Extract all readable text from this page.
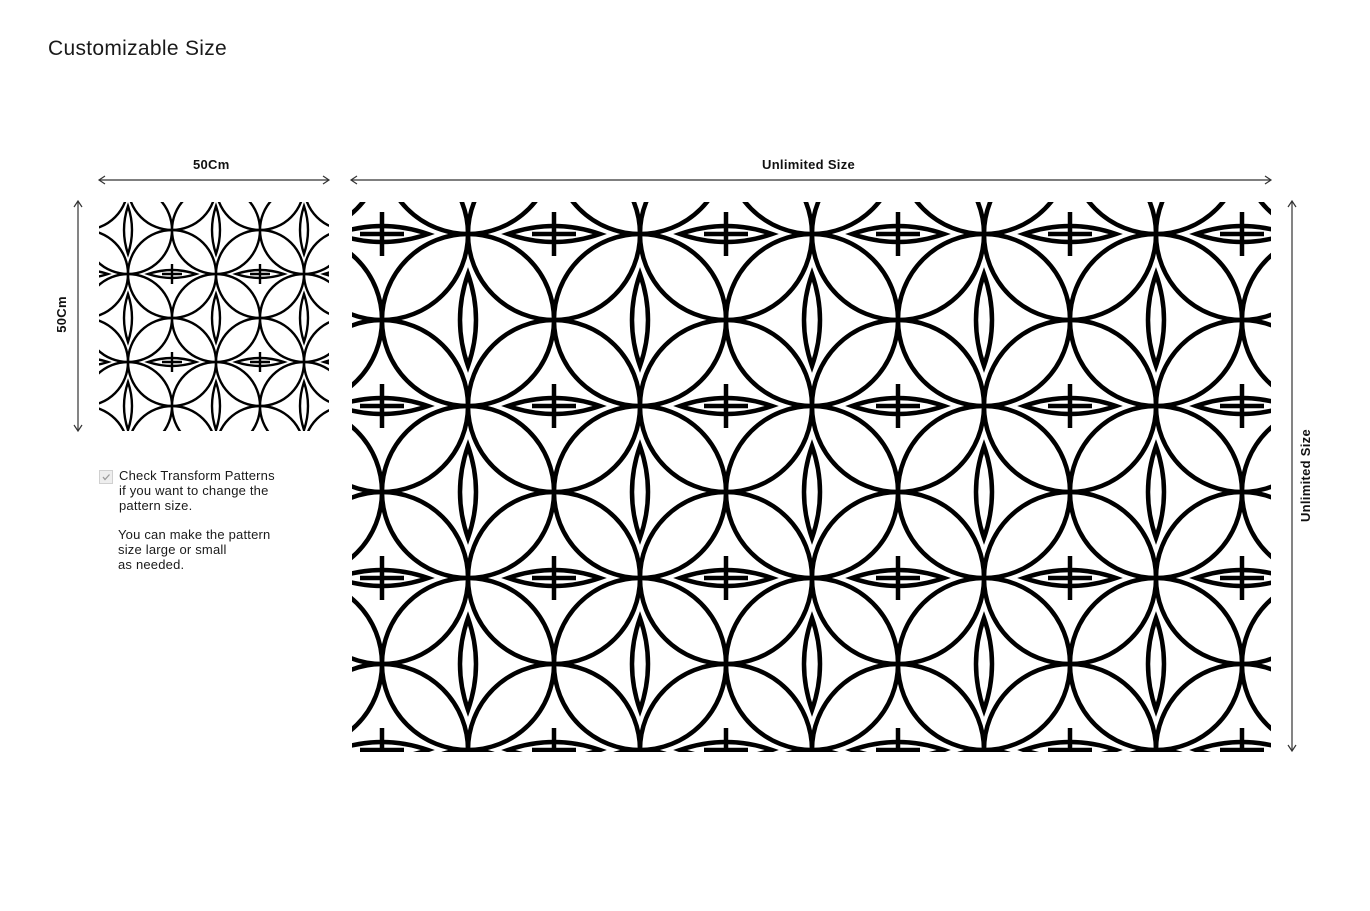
Customizable Size
50Cm
50Cm

Check Transform Patterns

if you want to change the

pattern size.

You can make the pattern

size large or small

as needed.

Unlimited Size
Unlimited Size
